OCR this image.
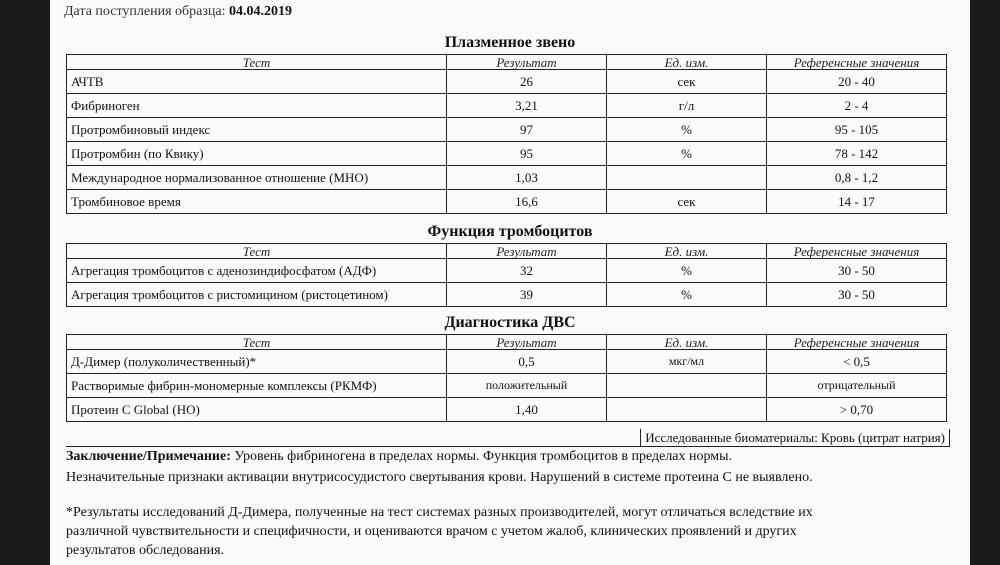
Дата поступления образца: 04.04.2019
Плазменное звено
Тест	Результат	Ед. изм.	Референсные значения
АЧТВ	26	сек	20 - 40
Фибриноген	3,21	г/л	2 - 4
Протромбиновый индекс	97	%	95 - 105
Протромбин (по Квику)	95	%	78 - 142
Международное нормализованное отношение (МНО)	1,03		0,8 - 1,2
Тромбиновое время	16,6	сек	14 - 17
Функция тромбоцитов
Тест	Результат	Ед. изм.	Референсные значения
Агрегация тромбоцитов с аденозиндифосфатом (АДФ)	32	%	30 - 50
Агрегация тромбоцитов с ристомицином (ристоцетином)	39	%	30 - 50
Диагностика ДВС
Тест	Результат	Ед. изм.	Референсные значения
Д-Димер (полуколичественный)*	0,5	мкг/мл	< 0,5
Растворимые фибрин-мономерные комплексы (РКМФ)	положительный		отрицательный
Протеин С Global (НО)	1,40		> 0,70
Исследованные биоматериалы: Кровь (цитрат натрия)
Заключение/Примечание: Уровень фибриногена в пределах нормы. Функция тромбоцитов в пределах нормы.
Незначительные признаки активации внутрисосудистого свертывания крови. Нарушений в системе протеина С не выявлено.
*Результаты исследований Д-Димера, полученные на тест системах разных производителей, могут отличаться вследствие их
различной чувствительности и специфичности, и оцениваются врачом с учетом жалоб, клинических проявлений и других
результатов обследования.
